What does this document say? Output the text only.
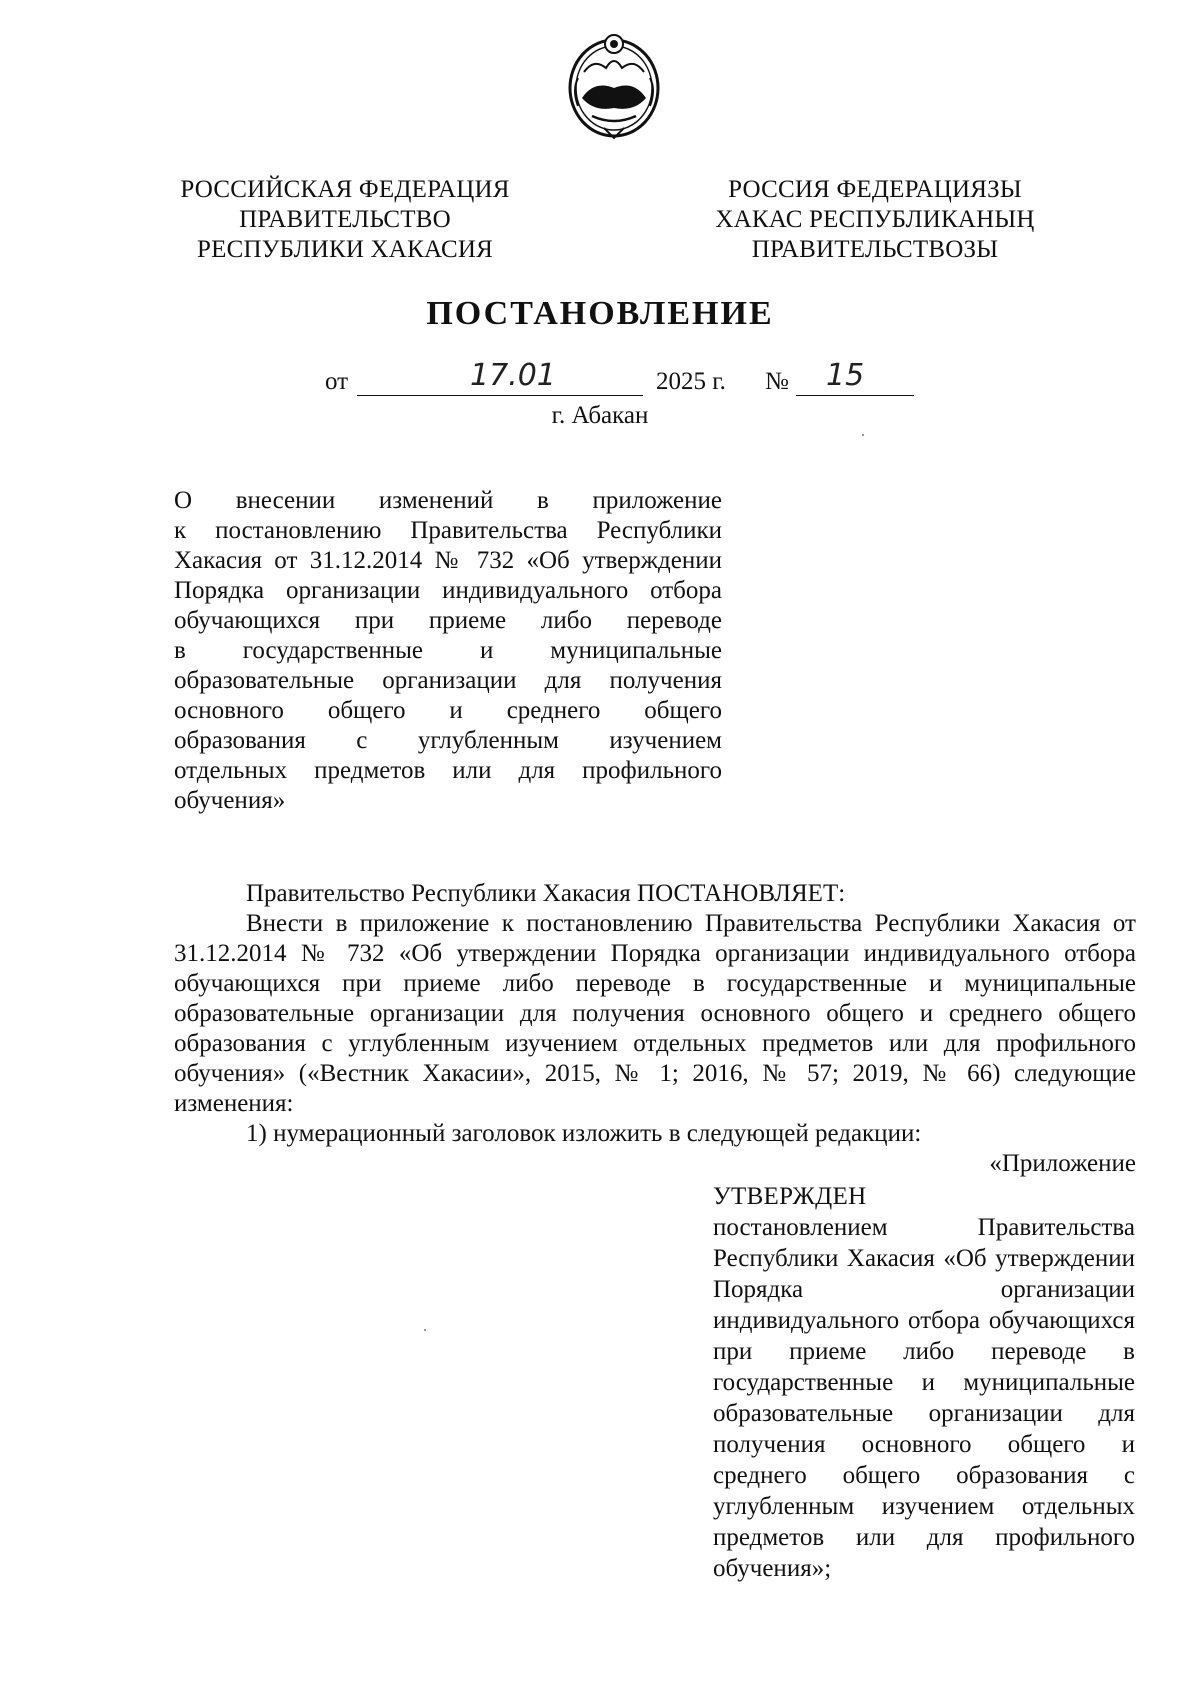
РОССИЙСКАЯ ФЕДЕРАЦИЯ
ПРАВИТЕЛЬСТВО
РЕСПУБЛИКИ ХАКАСИЯ
РОССИЯ ФЕДЕРАЦИЯЗЫ
ХАКАС РЕСПУБЛИКАНЫҢ
ПРАВИТЕЛЬСТВОЗЫ
ПОСТАНОВЛЕНИЕ
от	17.01	2025 г. № 15
г. Абакан
О внесении изменений в приложение
к постановлению Правительства Республики
Хакасия от 31.12.2014 № 732 «Об утверждении
Порядка организации индивидуального отбора
обучающихся при приеме либо переводе
в государственные и муниципальные
образовательные организации для получения
основного общего и среднего общего
образования с углубленным изучением
отдельных предметов или для профильного
обучения»

Правительство Республики Хакасия ПОСТАНОВЛЯЕТ:

Внести в приложение к постановлению Правительства Республики Хакасия от 31.12.2014 № 732 «Об утверждении Порядка организации индивидуального отбора обучающихся при приеме либо переводе в государственные и муниципальные образовательные организации для получения основного общего и среднего общего образования с углубленным изучением отдельных предметов или для профильного обучения» («Вестник Хакасии», 2015, № 1; 2016, № 57; 2019, № 66) следующие изменения:

1) нумерационный заголовок изложить в следующей редакции:

«Приложение
УТВЕРЖДЕН
постановлением Правительства Республики Хакасия «Об утверждении Порядка организации индивидуального отбора обучающихся при приеме либо переводе в государственные и муниципальные образовательные организации для получения основного общего и среднего общего образования с углубленным изучением отдельных предметов или для профильного обучения»;
